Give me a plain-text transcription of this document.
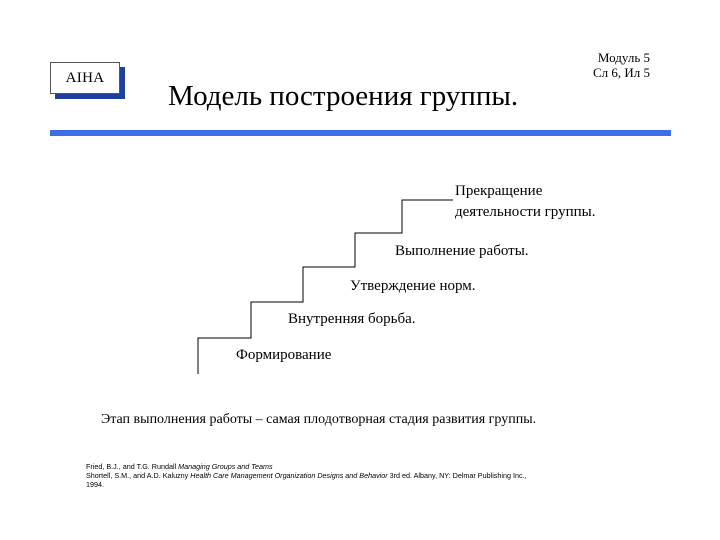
AIHA
Модуль 5
Сл 6, Ил 5
Модель построения группы.
Прекращение
деятельности группы.
Выполнение работы.
Утверждение норм.
Внутренняя борьба.
Формирование
Этап выполнения работы – самая плодотворная стадия развития группы.
Fried, B.J., and T.G. Rundall Managing Groups and Teams
Shortell, S.M., and A.D. Kaluzny Health Care Management Organization Designs and Behavior 3rd ed. Albany, NY: Delmar Publishing Inc.,
1994.
